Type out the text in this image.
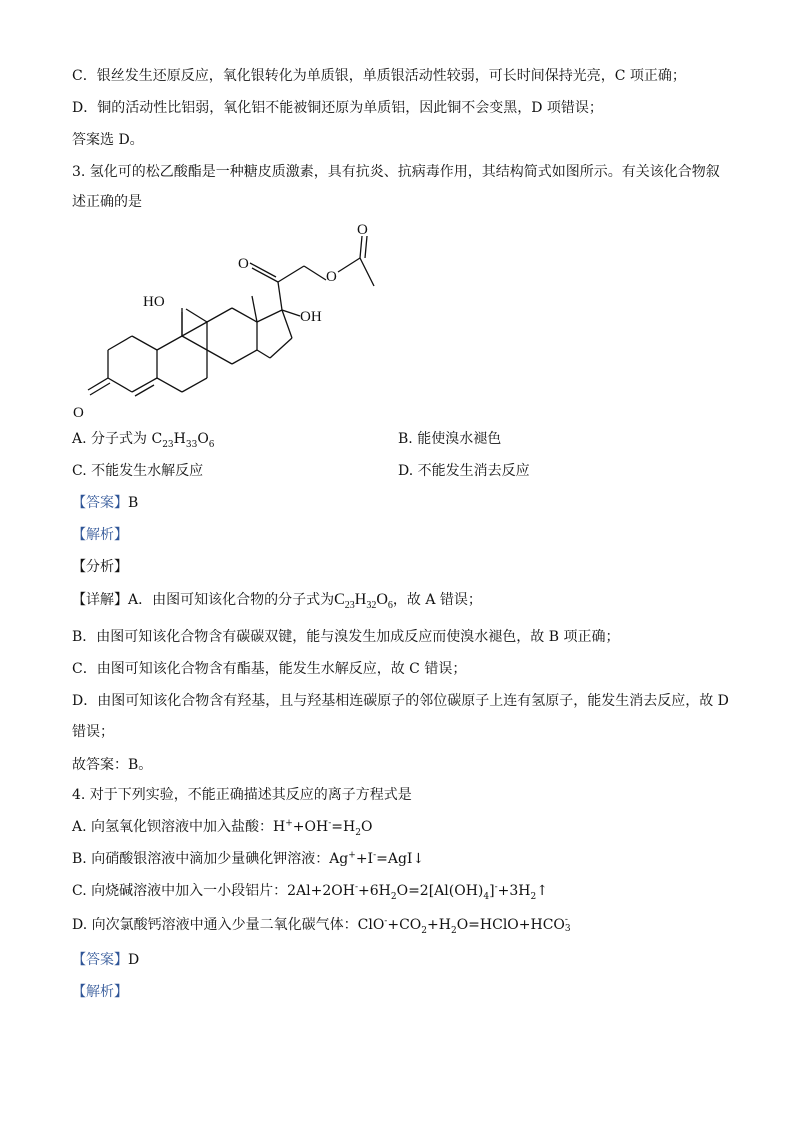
C．银丝发生还原反应，氧化银转化为单质银，单质银活动性较弱，可长时间保持光亮，C 项正确；
D．铜的活动性比铝弱，氧化铝不能被铜还原为单质铝，因此铜不会变黑，D 项错误；
答案选 D。
3. 氢化可的松乙酸酯是一种糖皮质激素，具有抗炎、抗病毒作用，其结构简式如图所示。有关该化合物叙
述正确的是
O
HO
OH
O
O
O
A. 分子式为 $C_{23}H_{33}O_6$	B. 能使溴水褪色
C. 不能发生水解反应	D. 不能发生消去反应
【答案】B
【解析】
【分析】
【详解】A．由图可知该化合物的分子式为$C_{23}H_{32}O_6$，故 A 错误；
B．由图可知该化合物含有碳碳双键，能与溴发生加成反应而使溴水褪色，故 B 项正确；
C．由图可知该化合物含有酯基，能发生水解反应，故 C 错误；
D．由图可知该化合物含有羟基，且与羟基相连碳原子的邻位碳原子上连有氢原子，能发生消去反应，故 D
错误；
故答案：B。
4. 对于下列实验，不能正确描述其反应的离子方程式是
A. 向氢氧化钡溶液中加入盐酸：$H^++OH^-=H_2O$
B. 向硝酸银溶液中滴加少量碘化钾溶液：Ag++I-=AgI↓
C. 向烧碱溶液中加入一小段铝片：$2Al+2OH^-+6H_2O=2[Al(OH)_4]^-+3H_2↑$
D. 向次氯酸钙溶液中通入少量二氧化碳气体：$ClO^-+CO_2+H_2O=HClO+HCO$ -
3
【答案】D
【解析】
